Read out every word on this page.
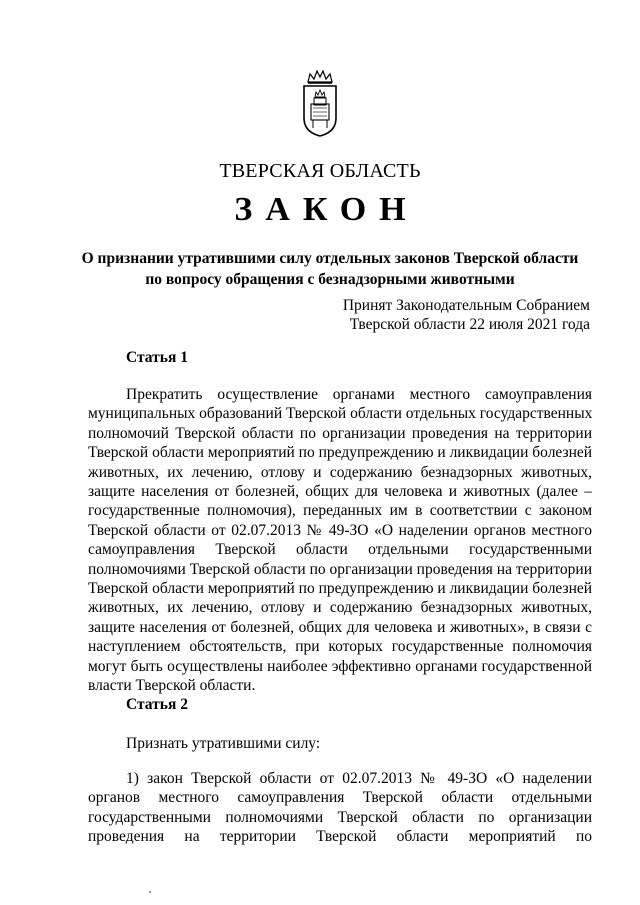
ТВЕРСКАЯ ОБЛАСТЬ
ЗАКОН
О признании утратившими силу отдельных законов Тверской области
по вопросу обращения с безнадзорными животными
Принят Законодательным Собранием
Тверской области 22 июля 2021 года
Статья 1
Прекратить осуществление органами местного самоуправления
муниципальных образований Тверской области отдельных государственных
полномочий Тверской области по организации проведения на территории
Тверской области мероприятий по предупреждению и ликвидации болезней
животных, их лечению, отлову и содержанию безнадзорных животных,
защите населения от болезней, общих для человека и животных (далее –
государственные полномочия), переданных им в соответствии с законом
Тверской области от 02.07.2013 № 49-ЗО «О наделении органов местного
самоуправления Тверской области отдельными государственными
полномочиями Тверской области по организации проведения на территории
Тверской области мероприятий по предупреждению и ликвидации болезней
животных, их лечению, отлову и содержанию безнадзорных животных,
защите населения от болезней, общих для человека и животных», в связи с
наступлением обстоятельств, при которых государственные полномочия
могут быть осуществлены наиболее эффективно органами государственной
власти Тверской области.
Статья 2
Признать утратившими силу:
1) закон Тверской области от 02.07.2013 № 49-ЗО «О наделении
органов местного самоуправления Тверской области отдельными
государственными полномочиями Тверской области по организации
проведения на территории Тверской области мероприятий по
